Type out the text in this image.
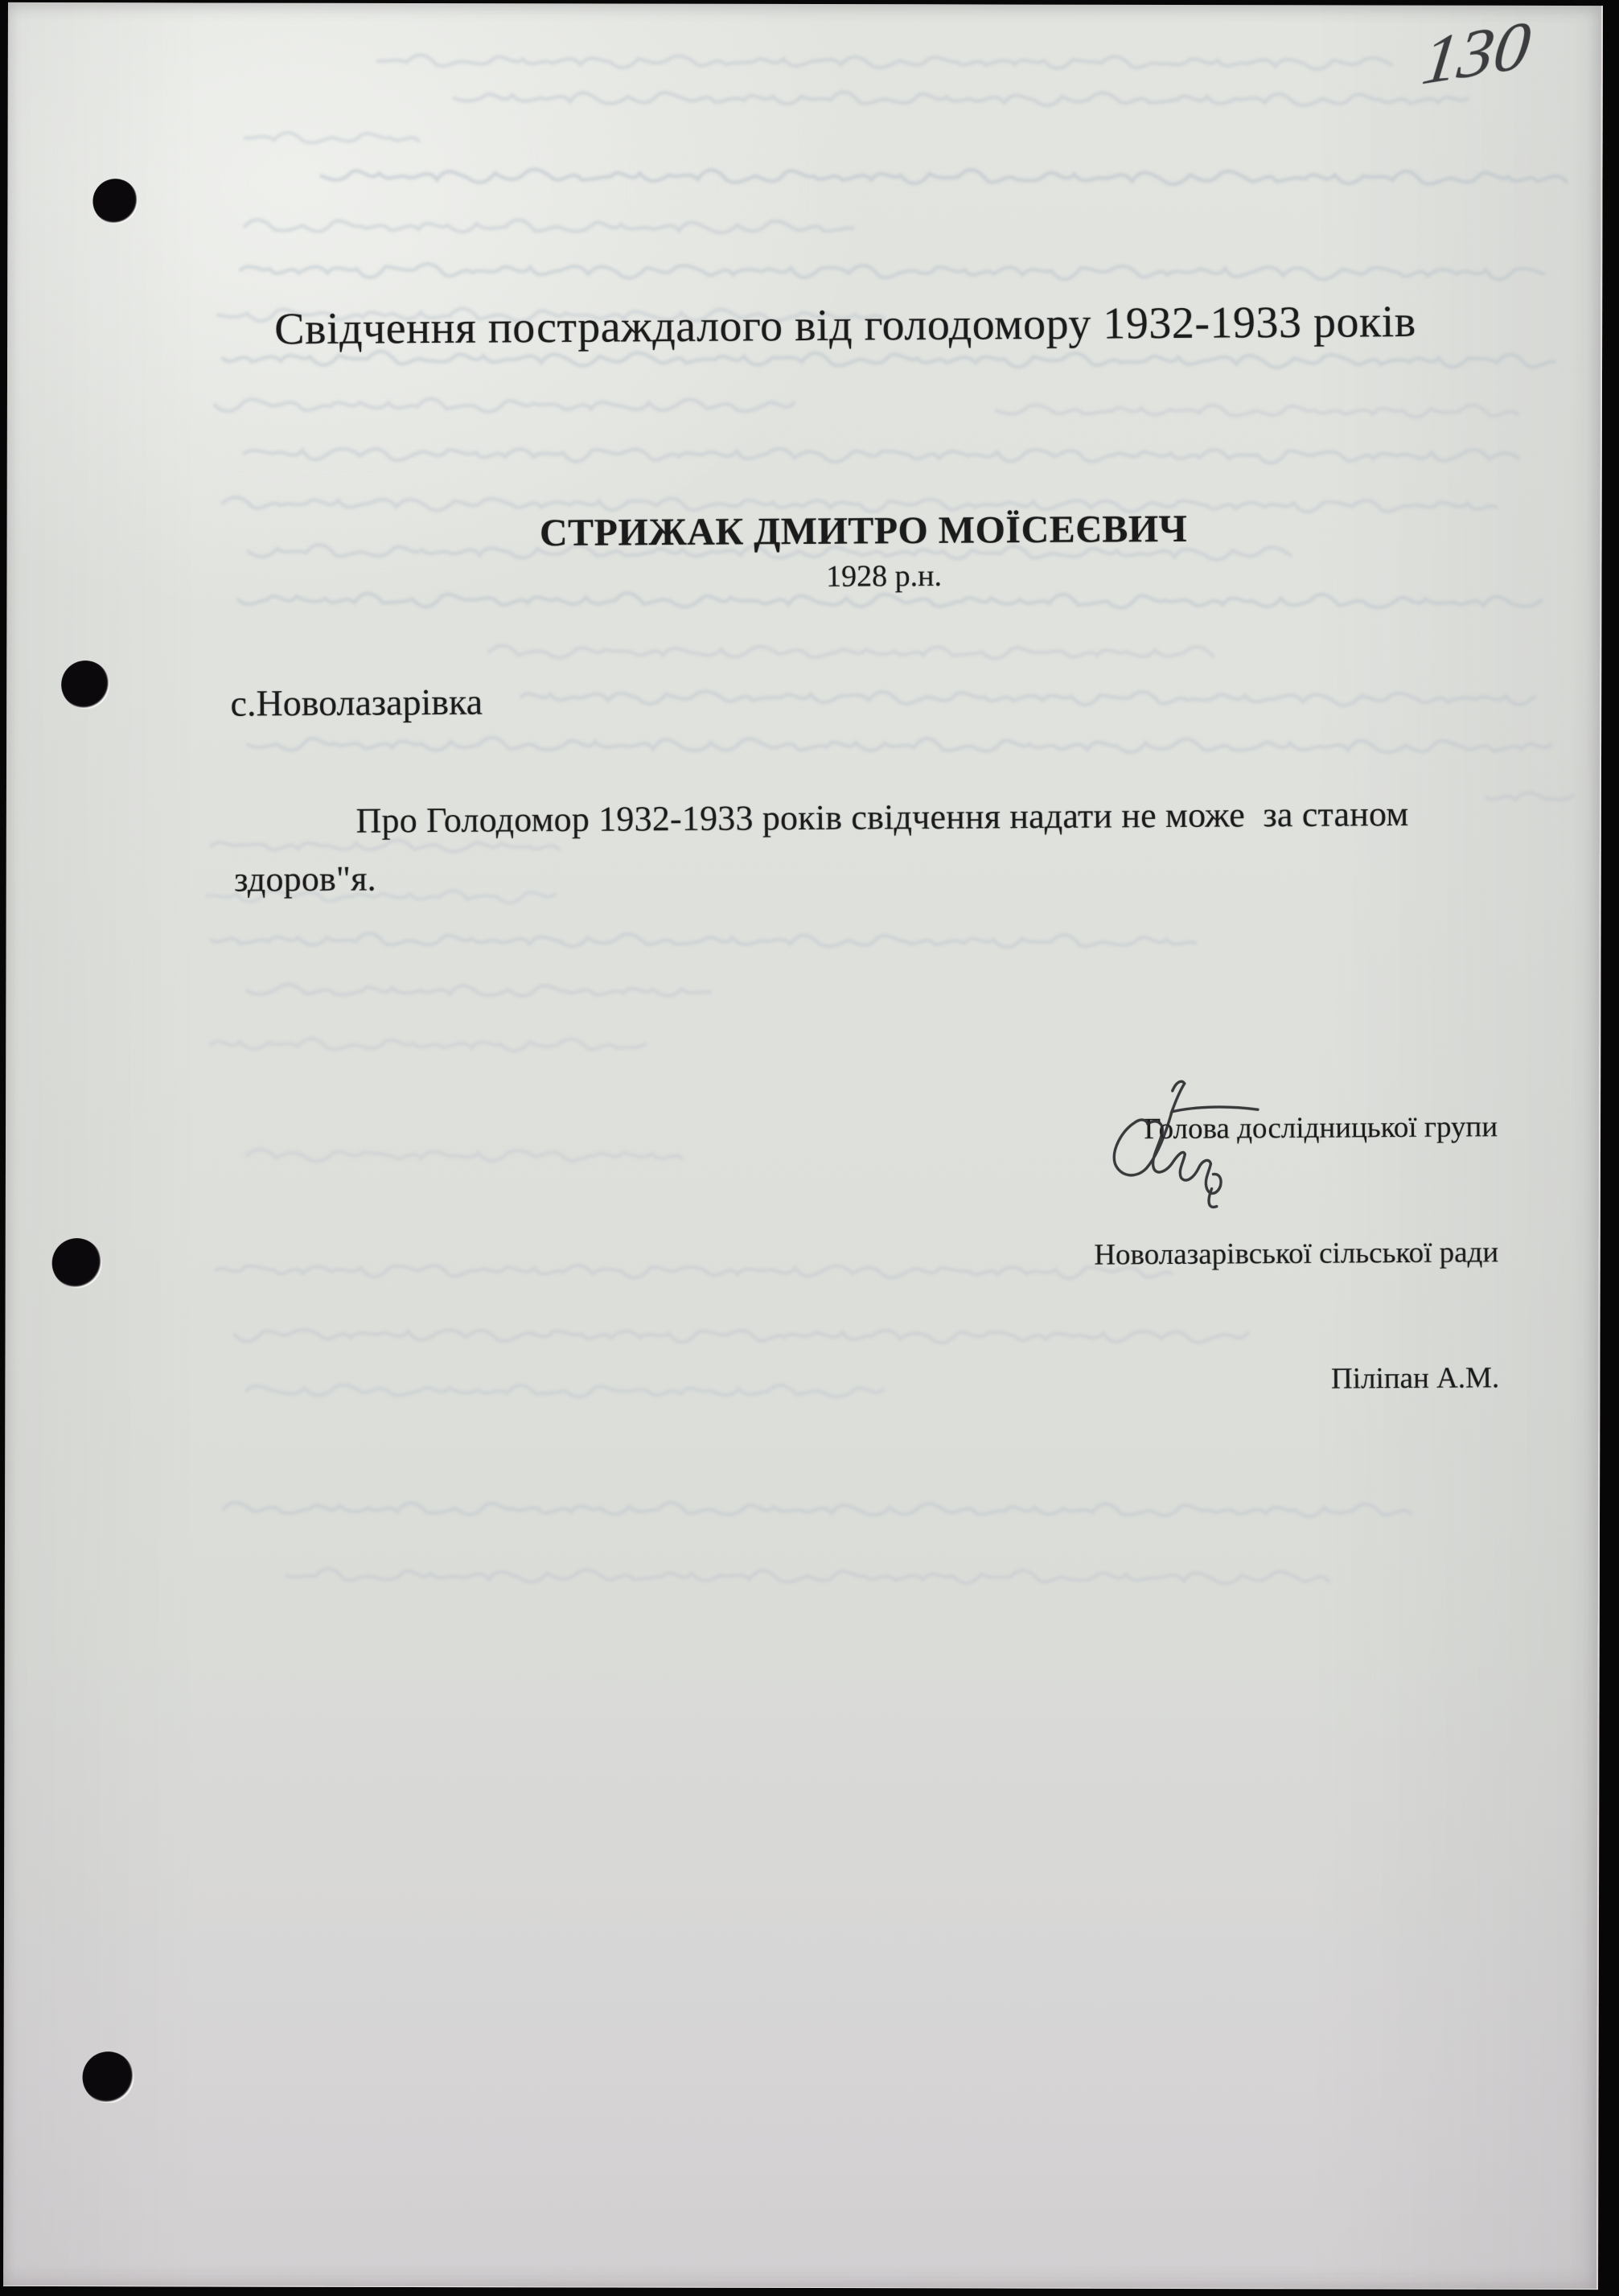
130
Свідчення постраждалого від голодомору 1932-1933 років
СТРИЖАК ДМИТРО МОЇСЕЄВИЧ
1928 р.н.
с.Новолазарівка
Про Голодомор 1932-1933 років свідчення надати не може  за станом
здоров"я.

Голова дослідницької групи

Новолазарівської сільської ради

Піліпан А.М.
